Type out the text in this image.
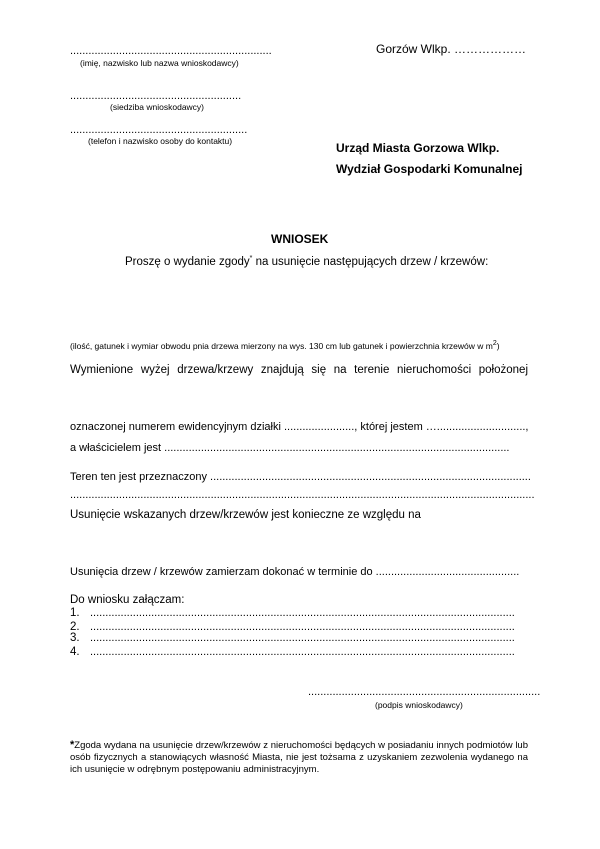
..................................................................
(imię, nazwisko lub nazwa wnioskodawcy)
........................................................
(siedziba wnioskodawcy)
..........................................................
(telefon i nazwisko osoby do kontaktu)
Gorzów Wlkp. ………………
Urząd Miasta Gorzowa Wlkp.
Wydział Gospodarki Komunalnej
WNIOSEK
Proszę o wydanie zgody* na usunięcie następujących drzew / krzewów:
(ilość, gatunek i wymiar obwodu pnia drzewa mierzony na wys. 130 cm lub gatunek i powierzchnia krzewów w $m^2$)
Wymienione wyżej drzewa/krzewy znajdują się na terenie nieruchomości położonej
oznaczonej numerem ewidencyjnym działki ......................., której jestem ….............................,
a właścicielem jest .................................................................................................................
Teren ten jest przeznaczony .........................................................................................................
........................................................................................................................................................
Usunięcie wskazanych drzew/krzewów jest konieczne ze względu na
Usunięcia drzew / krzewów zamierzam dokonać w terminie do ...............................................
Do wniosku załączam:
1. ...........................................................................................................................................
2. ...........................................................................................................................................
3. ...........................................................................................................................................
4. ...........................................................................................................................................
............................................................................
(podpis wnioskodawcy)
*Zgoda wydana na usunięcie drzew/krzewów z nieruchomości będących w posiadaniu innych podmiotów lub osób fizycznych a stanowiących własność Miasta, nie jest tożsama z uzyskaniem zezwolenia wydanego na ich usunięcie w odrębnym postępowaniu administracyjnym.
